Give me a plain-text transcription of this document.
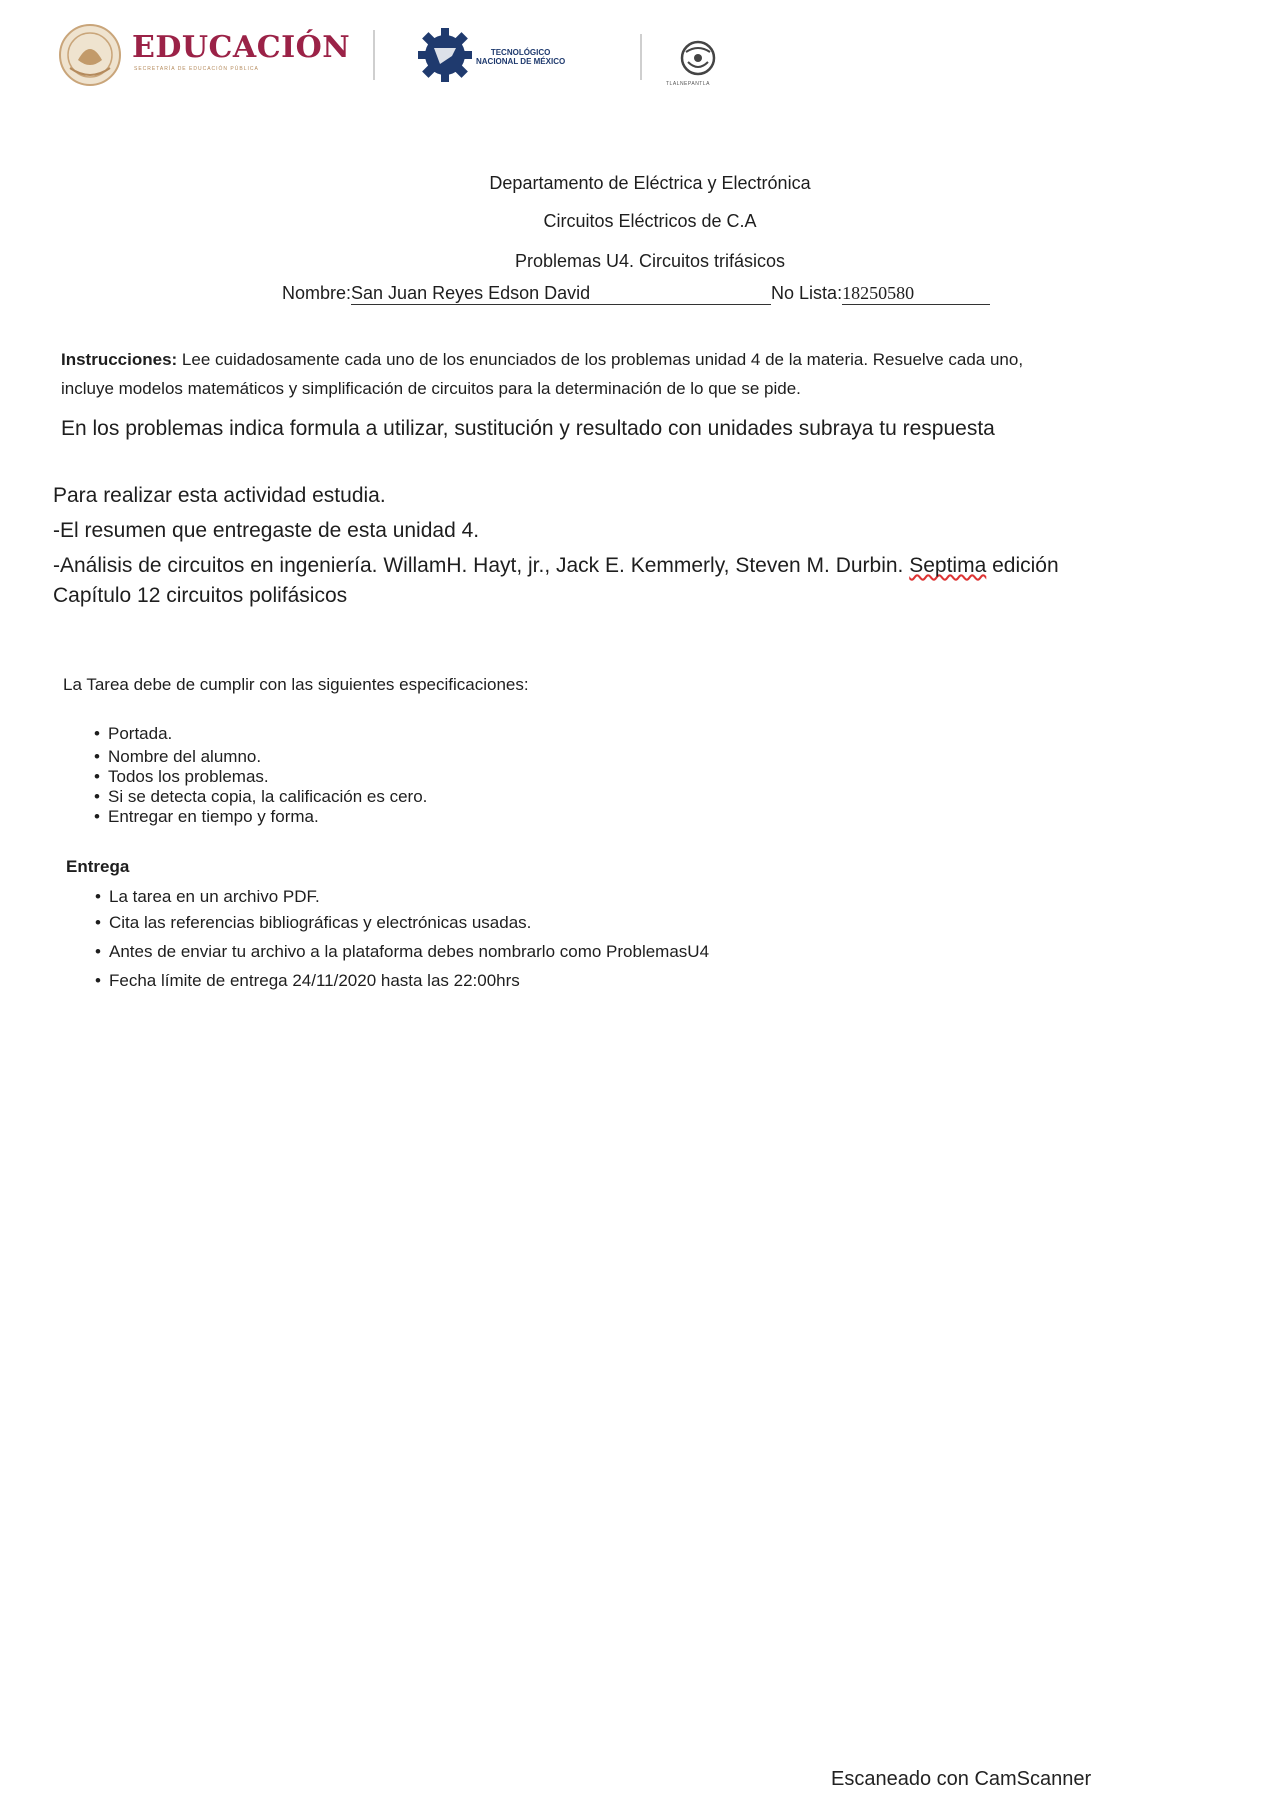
EDUCACIÓN
SECRETARÍA DE EDUCACIÓN PÚBLICA
TECNOLÓGICO
NACIONAL DE MÉXICO
TLALNEPANTLA
Departamento de Eléctrica y Electrónica
Circuitos Eléctricos de C.A
Problemas U4. Circuitos trifásicos
Nombre:San Juan Reyes Edson David	No Lista:18250580
Instrucciones: Lee cuidadosamente cada uno de los enunciados de los problemas unidad 4 de la materia. Resuelve cada uno,
incluye modelos matemáticos y simplificación de circuitos para la determinación de lo que se pide.
En los problemas indica formula a utilizar, sustitución y resultado con unidades subraya tu respuesta
Para realizar esta actividad estudia.
-El resumen que entregaste de esta unidad 4.
-Análisis de circuitos en ingeniería. WillamH. Hayt, jr., Jack E. Kemmerly, Steven M. Durbin. Septima edición
Capítulo 12 circuitos polifásicos
La Tarea debe de cumplir con las siguientes especificaciones:
• Portada.
• Nombre del alumno.
• Todos los problemas.
• Si se detecta copia, la calificación es cero.
• Entregar en tiempo y forma.
Entrega
• La tarea en un archivo PDF.
• Cita las referencias bibliográficas y electrónicas usadas.
• Antes de enviar tu archivo a la plataforma debes nombrarlo como ProblemasU4
• Fecha límite de entrega 24/11/2020 hasta las 22:00hrs
Escaneado con CamScanner
